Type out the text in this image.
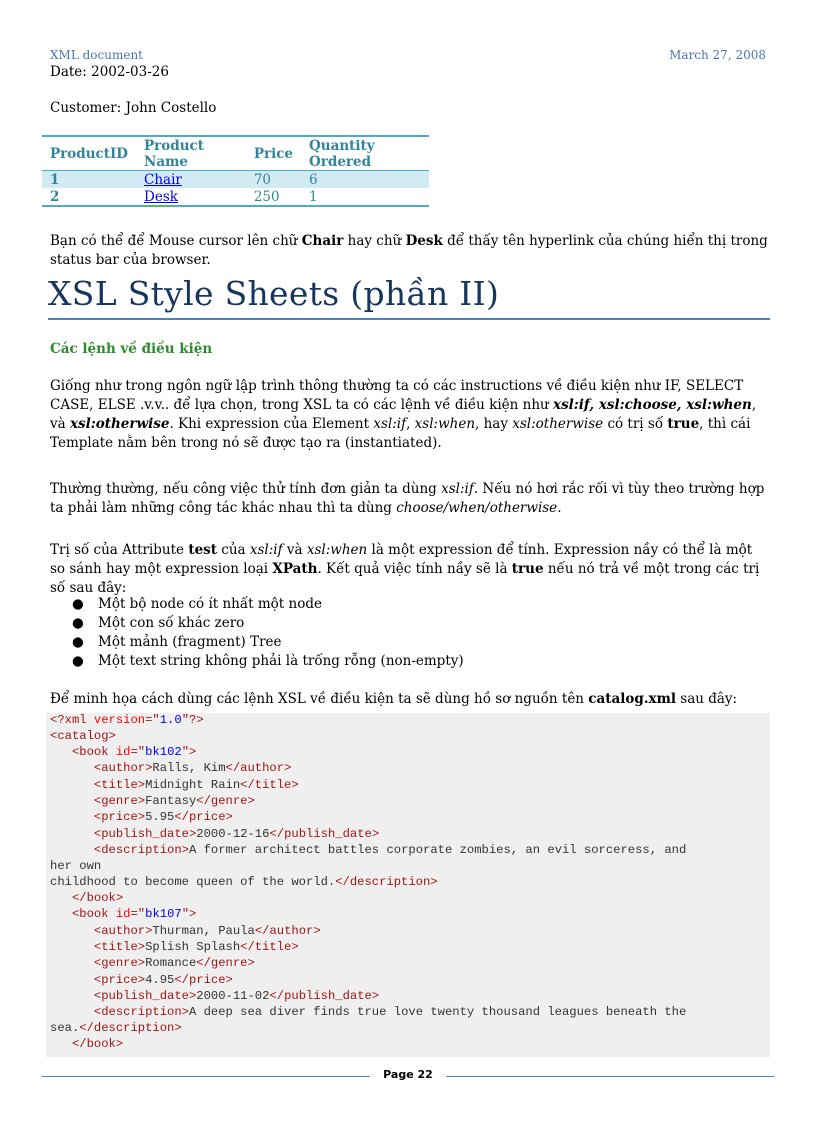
XML document	March 27, 2008
Date: 2002-03-26
Customer: John Costello
ProductID	Product Name	Price	Quantity Ordered
1	Chair	70	6
2	Desk	250	1
Bạn có thể để Mouse cursor lên chữ Chair hay chữ Desk để thấy tên hyperlink của chúng hiển thị trong status bar của browser.
XSL Style Sheets (phần II)
Các lệnh về điều kiện
Giống như trong ngôn ngữ lập trình thông thường ta có các instructions về điều kiện như IF, SELECT CASE, ELSE .v.v.. để lựa chọn, trong XSL ta có các lệnh về điều kiện như xsl:if, xsl:choose, xsl:when, và xsl:otherwise. Khi expression của Element xsl:if, xsl:when, hay xsl:otherwise có trị số true, thì cái Template nằm bên trong nó sẽ được tạo ra (instantiated).
Thường thường, nếu công việc thử tính đơn giản ta dùng xsl:if. Nếu nó hơi rắc rối vì tùy theo trường hợp ta phải làm những công tác khác nhau thì ta dùng choose/when/otherwise.
Trị số của Attribute test của xsl:if và xsl:when là một expression để tính. Expression nầy có thể là một so sánh hay một expression loại XPath. Kết quả việc tính nầy sẽ là true nếu nó trả về một trong các trị số sau đây:
● Một bộ node có ít nhất một node
● Một con số khác zero
● Một mảnh (fragment) Tree
● Một text string không phải là trống rỗng (non-empty)
Để minh họa cách dùng các lệnh XSL về điều kiện ta sẽ dùng hồ sơ nguồn tên catalog.xml sau đây:
<?xml version="1.0"?>
<catalog>
<book id="bk102">
<author>Ralls, Kim</author>
<title>Midnight Rain</title>
<genre>Fantasy</genre>
<price>5.95</price>
<publish_date>2000-12-16</publish_date>
<description>A former architect battles corporate zombies, an evil sorceress, and
her own
childhood to become queen of the world.</description>
</book>
<book id="bk107">
<author>Thurman, Paula</author>
<title>Splish Splash</title>
<genre>Romance</genre>
<price>4.95</price>
<publish_date>2000-11-02</publish_date>
<description>A deep sea diver finds true love twenty thousand leagues beneath the
sea.</description>
</book>
Page 22
